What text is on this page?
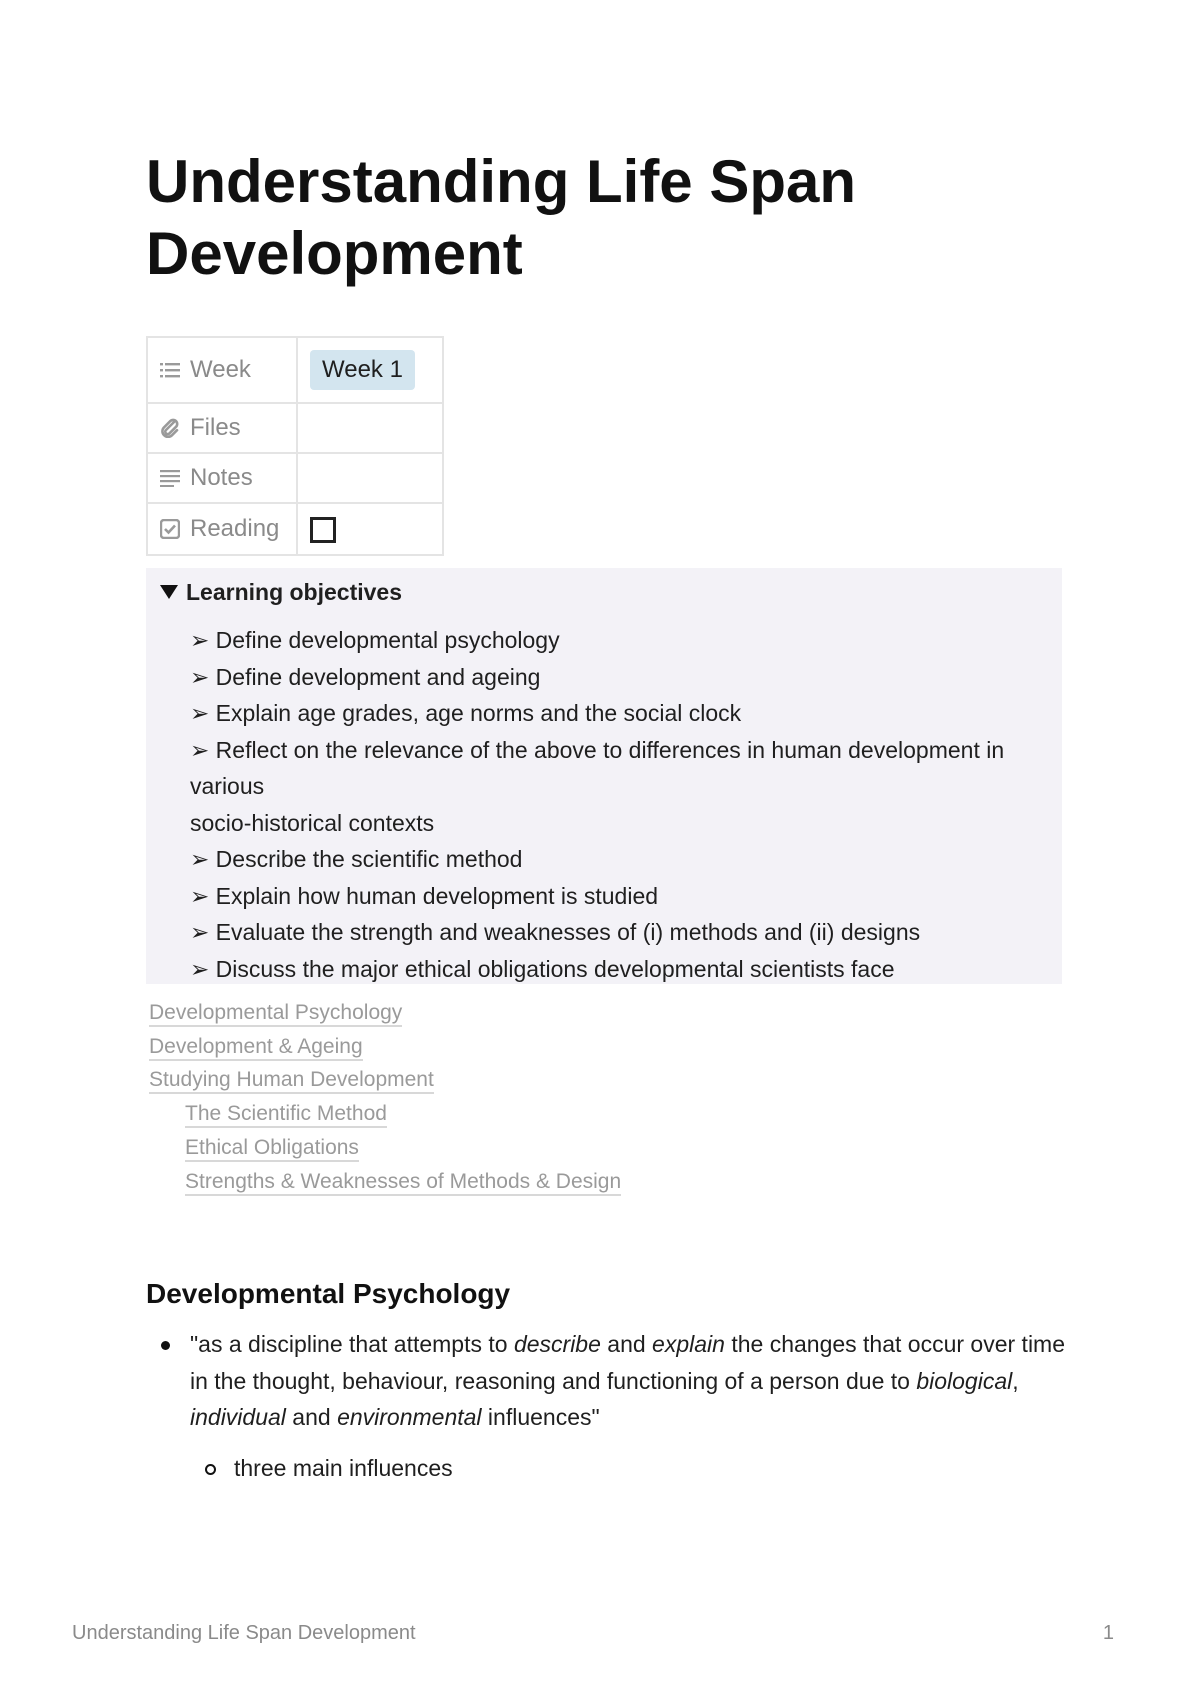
Understanding Life Span Development
Week	Week 1

Files	

Notes	

Reading	

Learning objectives
➢ Define developmental psychology
➢ Define development and ageing
➢ Explain age grades, age norms and the social clock
➢ Reflect on the relevance of the above to differences in human development in various
socio-historical contexts
➢ Describe the scientific method
➢ Explain how human development is studied
➢ Evaluate the strength and weaknesses of (i) methods and (ii) designs
➢ Discuss the major ethical obligations developmental scientists face
Developmental Psychology
Development & Ageing
Studying Human Development
The Scientific Method
Ethical Obligations
Strengths & Weaknesses of Methods & Design
Developmental Psychology
"as a discipline that attempts to describe and explain the changes that occur over time in the thought, behaviour, reasoning and functioning of a person due to biological, individual and environmental influences"
three main influences
Understanding Life Span Development	1
